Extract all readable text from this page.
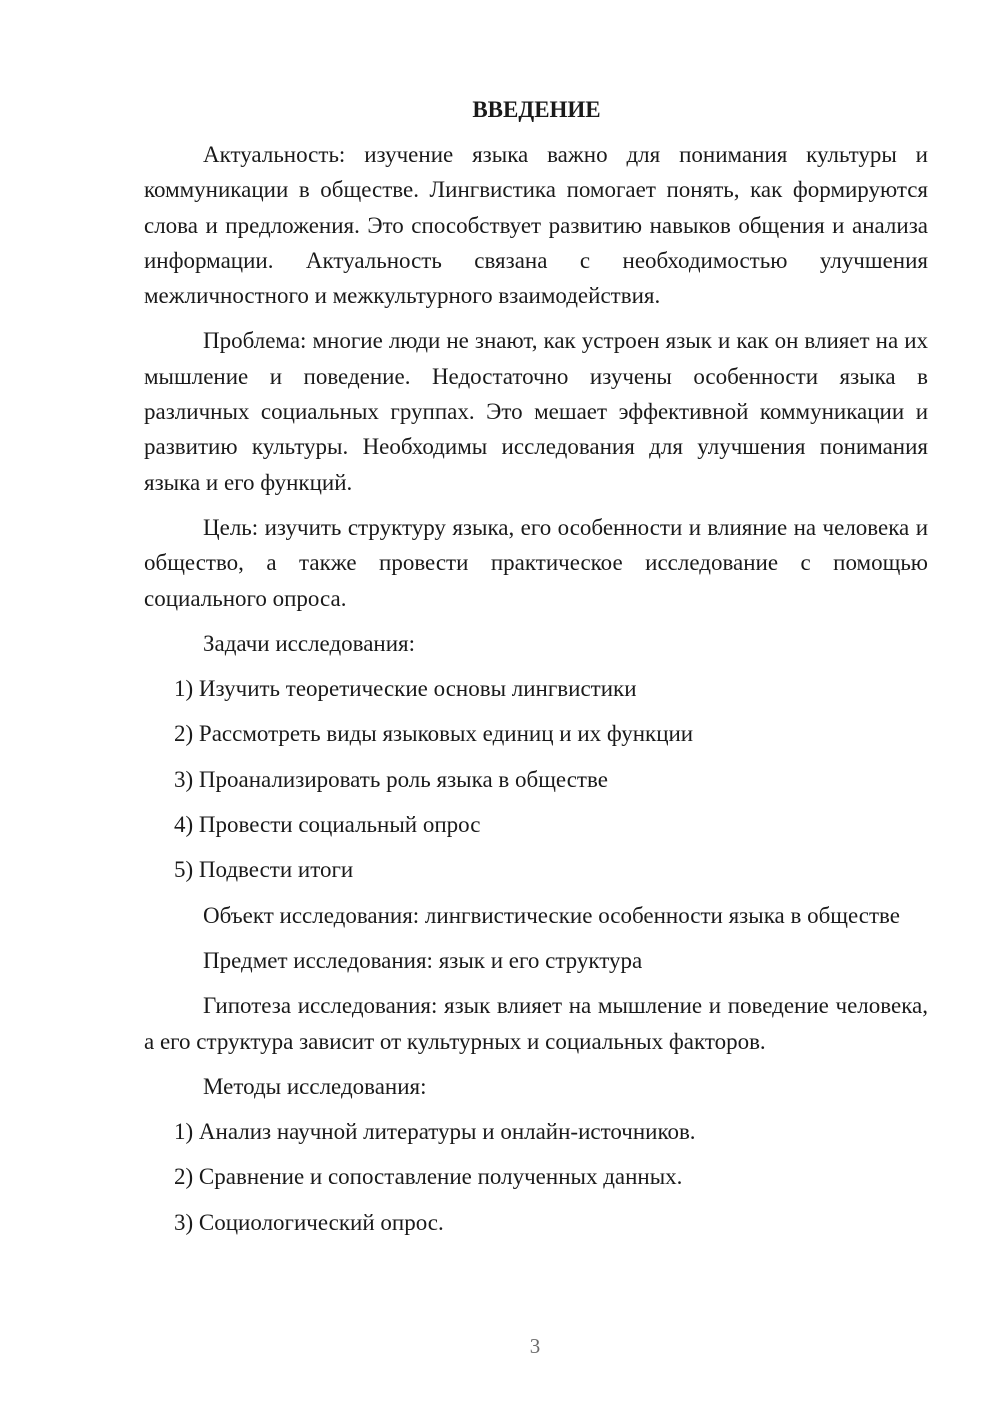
ВВЕДЕНИЕ

Актуальность: изучение языка важно для понимания культуры и коммуникации в обществе. Лингвистика помогает понять, как формируются слова и предложения. Это способствует развитию навыков общения и анализа информации. Актуальность связана с необходимостью улучшения межличностного и межкультурного взаимодействия.

Проблема: многие люди не знают, как устроен язык и как он влияет на их мышление и поведение. Недостаточно изучены особенности языка в различных социальных группах. Это мешает эффективной коммуникации и развитию культуры. Необходимы исследования для улучшения понимания языка и его функций.

Цель: изучить структуру языка, его особенности и влияние на человека и общество, а также провести практическое исследование с помощью социального опроса.

Задачи исследования:

1) Изучить теоретические основы лингвистики
2) Рассмотреть виды языковых единиц и их функции
3) Проанализировать роль языка в обществе
4) Провести социальный опрос
5) Подвести итоги

Объект исследования: лингвистические особенности языка в обществе

Предмет исследования: язык и его структура

Гипотеза исследования: язык влияет на мышление и поведение человека, а его структура зависит от культурных и социальных факторов.

Методы исследования:

1) Анализ научной литературы и онлайн-источников.
2) Сравнение и сопоставление полученных данных.
3) Социологический опрос.
3
